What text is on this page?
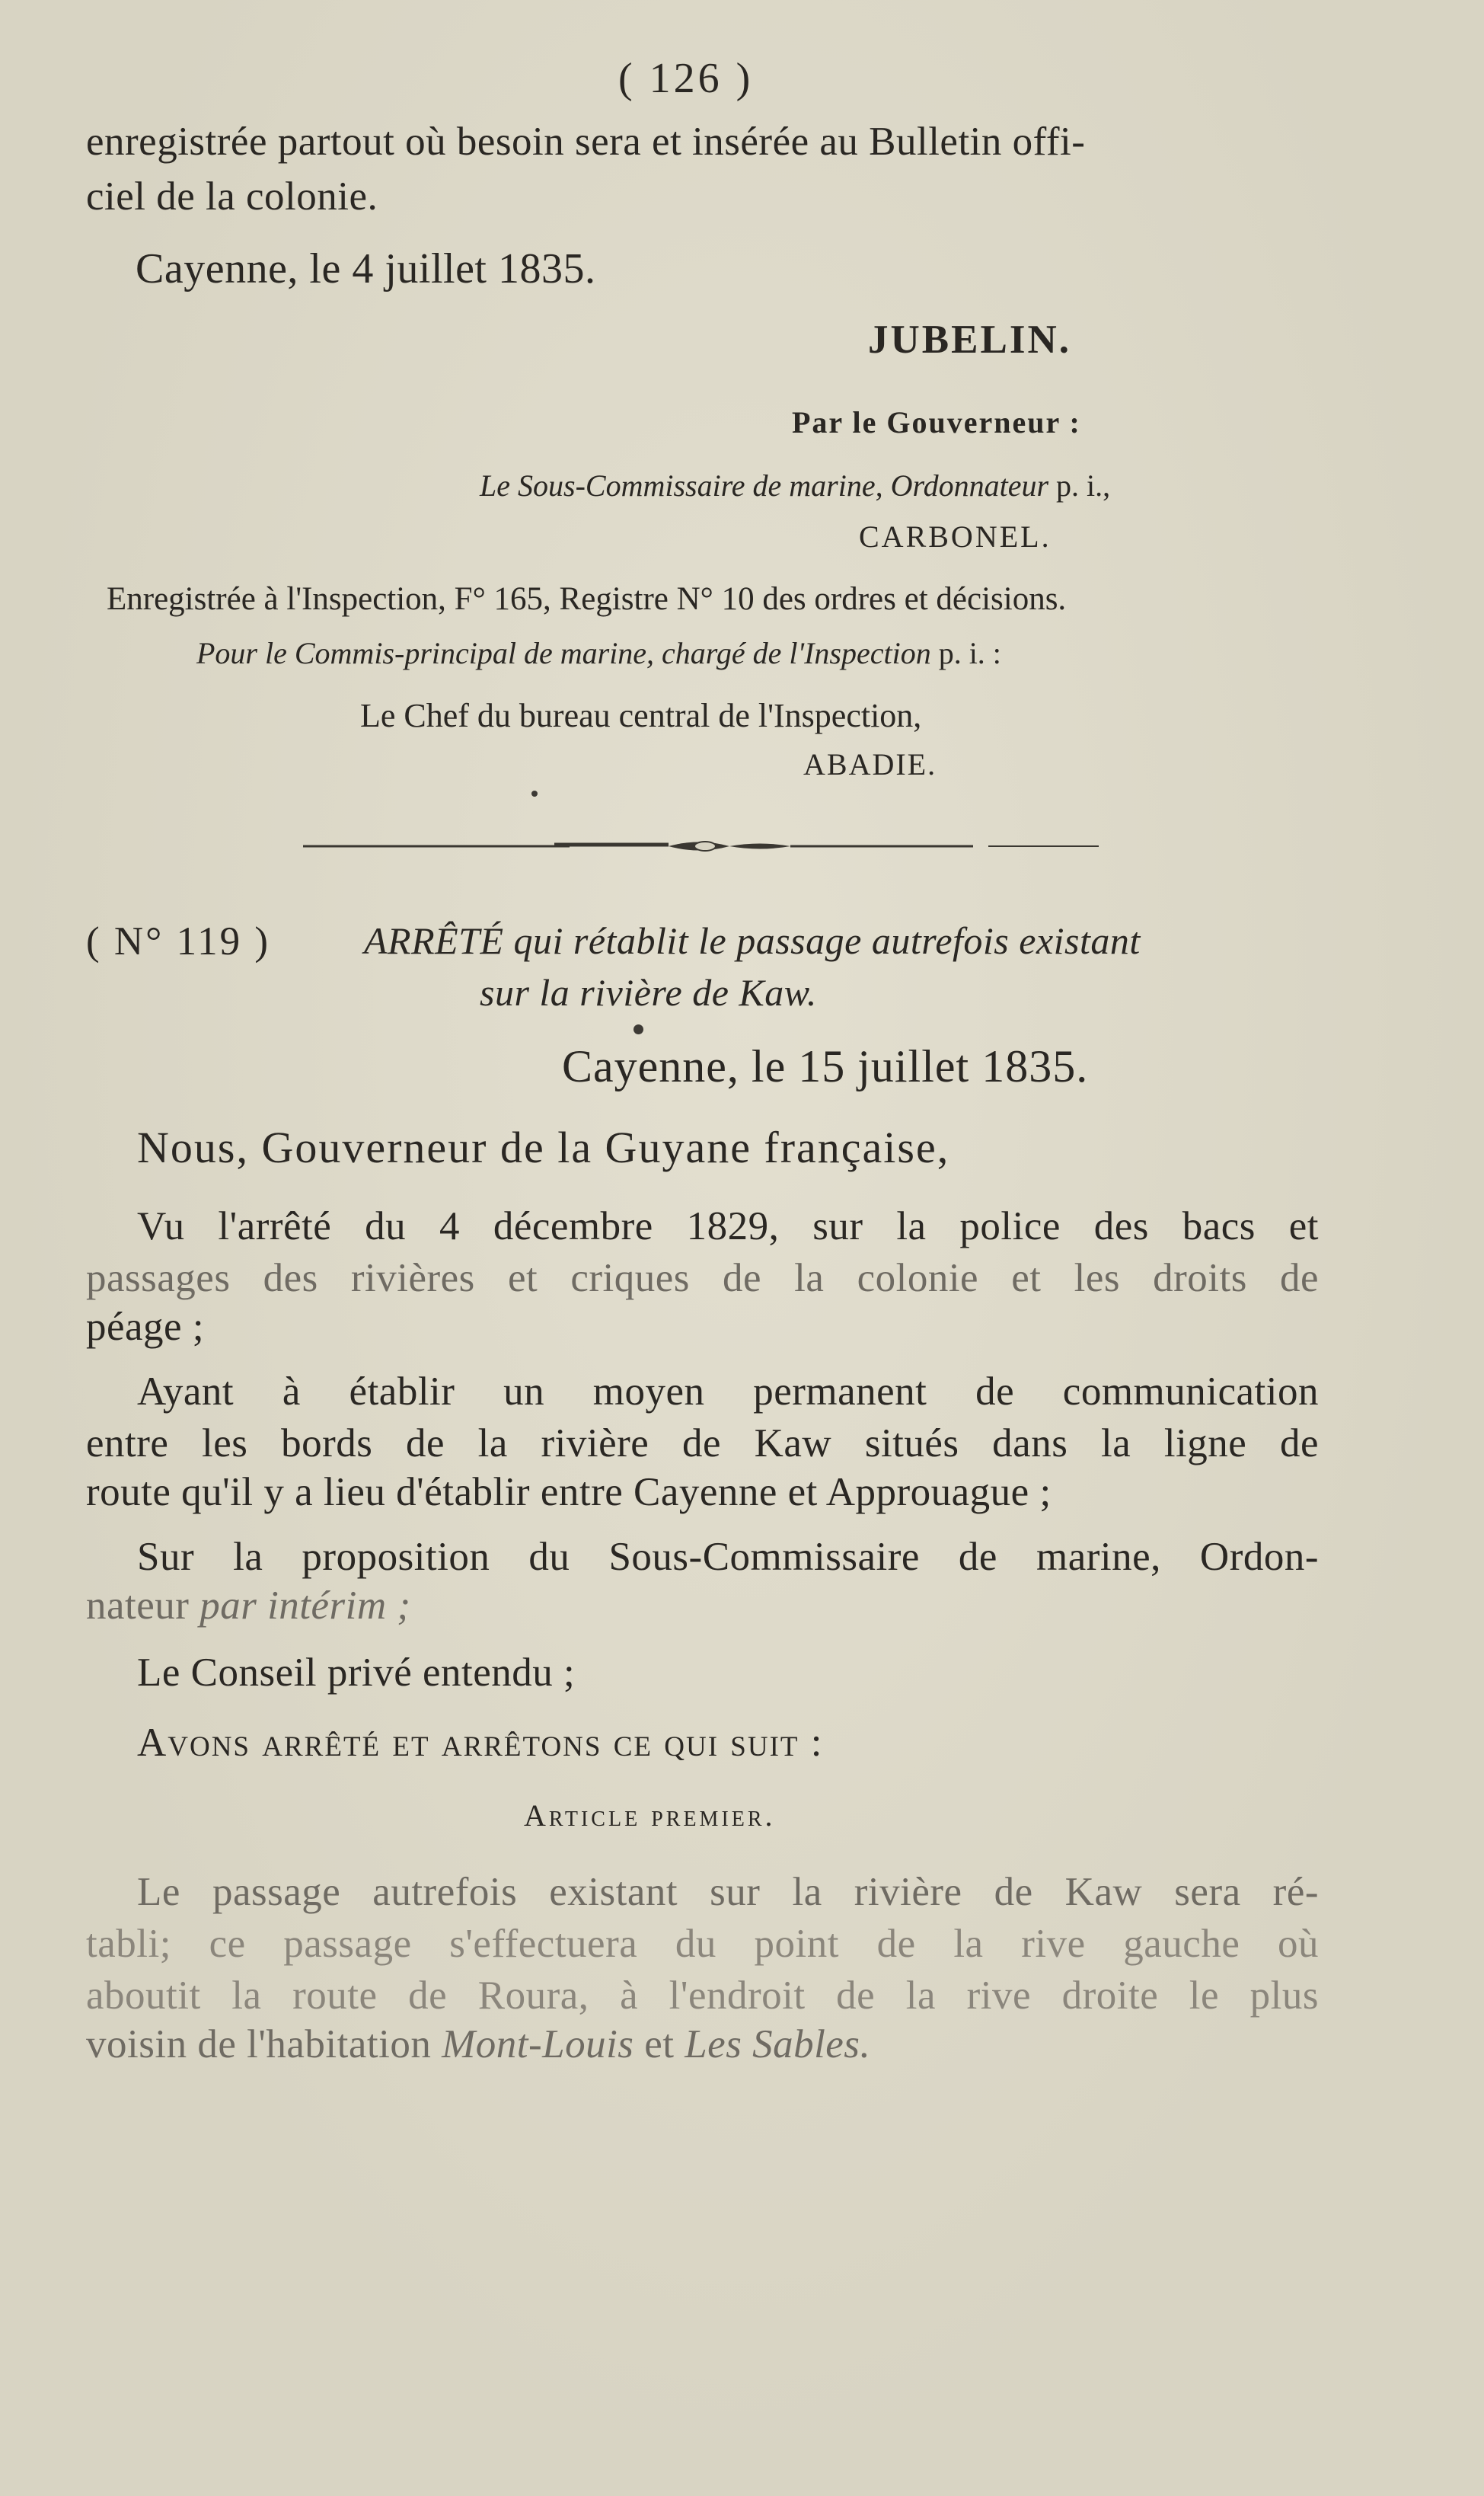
( 126 )
enregistrée partout où besoin sera et insérée au Bulletin offi-
ciel de la colonie.
Cayenne, le 4 juillet 1835.
JUBELIN.
Par le Gouverneur :
Le Sous-Commissaire de marine, Ordonnateur p. i.,
CARBONEL.
Enregistrée à l'Inspection, F° 165, Registre N° 10 des ordres et décisions.
Pour le Commis-principal de marine, chargé de l'Inspection p. i. :
Le Chef du bureau central de l'Inspection,
ABADIE.
( N° 119 ) ARRÊTÉ qui rétablit le passage autrefois existant
sur la rivière de Kaw.
Cayenne, le 15 juillet 1835.
Nous, Gouverneur de la Guyane française,
Vu l'arrêté du 4 décembre 1829, sur la police des bacs et
passages des rivières et criques de la colonie et les droits de
péage ;
Ayant à établir un moyen permanent de communication
entre les bords de la rivière de Kaw situés dans la ligne de
route qu'il y a lieu d'établir entre Cayenne et Approuague ;
Sur la proposition du Sous-Commissaire de marine, Ordon-
nateur par intérim ;
Le Conseil privé entendu ;
Avons arrêté et arrêtons ce qui suit :
Article premier.
Le passage autrefois existant sur la rivière de Kaw sera ré-
tabli; ce passage s'effectuera du point de la rive gauche où
aboutit la route de Roura, à l'endroit de la rive droite le plus
voisin de l'habitation Mont-Louis et Les Sables.
